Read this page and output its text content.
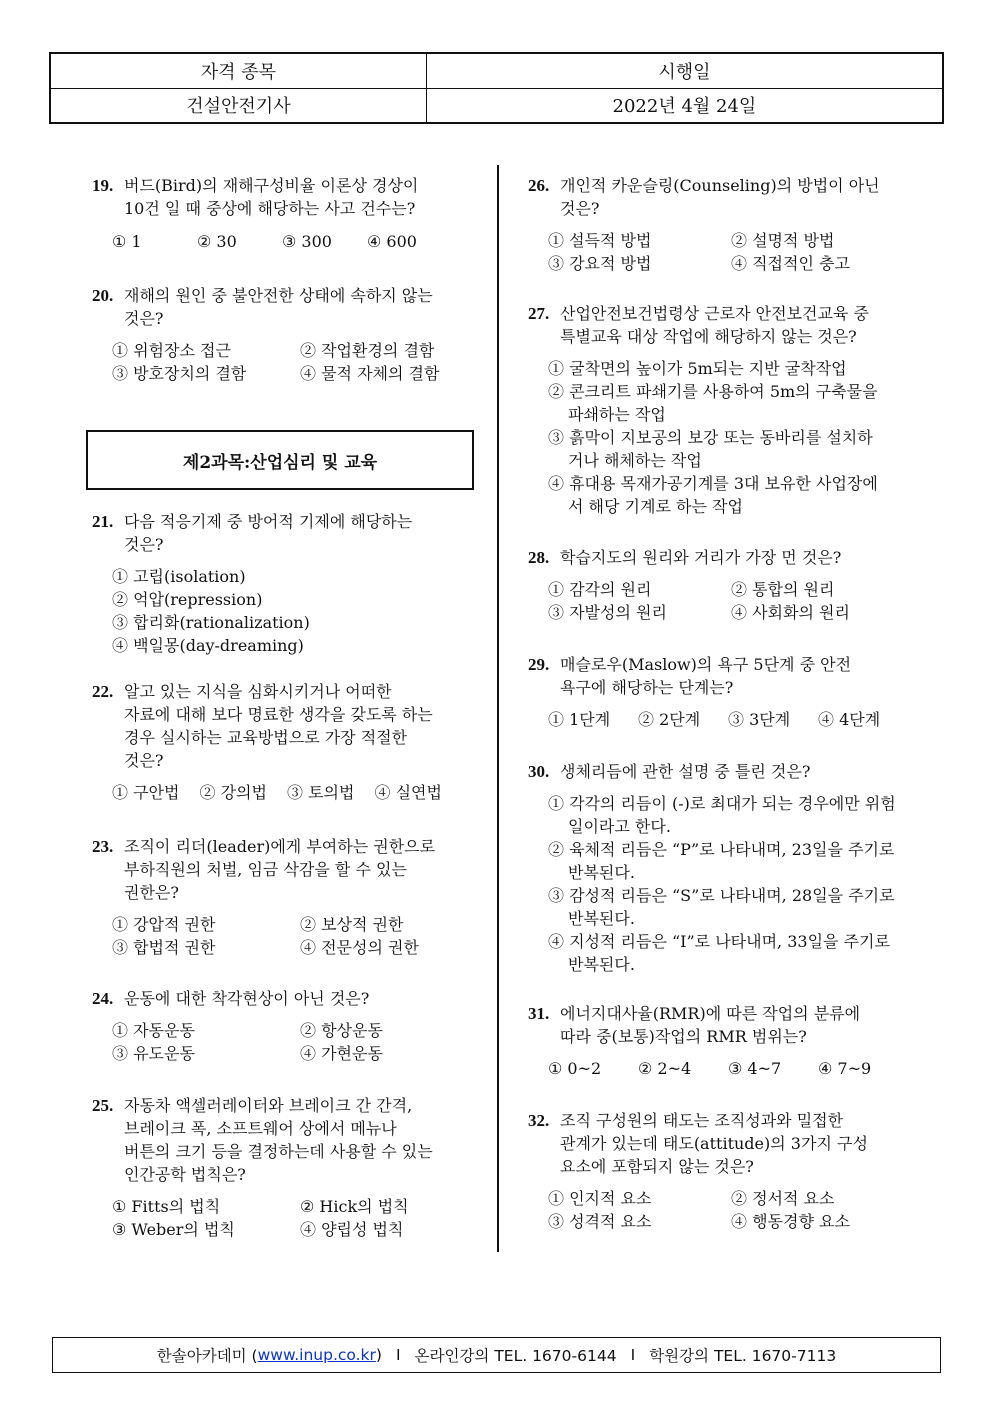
자격 종목	시행일
건설안전기사	2022년 4월 24일
19. 버드(Bird)의 재해구성비율 이론상 경상이
10건 일 때 중상에 해당하는 사고 건수는?
① 1	② 30	③ 300	④ 600
20. 재해의 원인 중 불안전한 상태에 속하지 않는
것은?
① 위험장소 접근	② 작업환경의 결함
③ 방호장치의 결함	④ 물적 자체의 결함
21. 다음 적응기제 중 방어적 기제에 해당하는
것은?
① 고립(isolation)
② 억압(repression)
③ 합리화(rationalization)
④ 백일몽(day-dreaming)
22. 알고 있는 지식을 심화시키거나 어떠한
자료에 대해 보다 명료한 생각을 갖도록 하는
경우 실시하는 교육방법으로 가장 적절한
것은?
① 구안법	② 강의법	③ 토의법	④ 실연법
23. 조직이 리더(leader)에게 부여하는 권한으로
부하직원의 처벌, 임금 삭감을 할 수 있는
권한은?
① 강압적 권한	② 보상적 권한
③ 합법적 권한	④ 전문성의 권한
24. 운동에 대한 착각현상이 아닌 것은?
① 자동운동	② 항상운동
③ 유도운동	④ 가현운동
25. 자동차 액셀러레이터와 브레이크 간 간격,
브레이크 폭, 소프트웨어 상에서 메뉴나
버튼의 크기 등을 결정하는데 사용할 수 있는
인간공학 법칙은?
① Fitts의 법칙	② Hick의 법칙
③ Weber의 법칙	④ 양립성 법칙
제2과목:산업심리 및 교육
26. 개인적 카운슬링(Counseling)의 방법이 아닌
것은?
① 설득적 방법	② 설명적 방법
③ 강요적 방법	④ 직접적인 충고
27. 산업안전보건법령상 근로자 안전보건교육 중
특별교육 대상 작업에 해당하지 않는 것은?
① 굴착면의 높이가 5m되는 지반 굴착작업
② 콘크리트 파쇄기를 사용하여 5m의 구축물을 파쇄하는 작업
③ 흙막이 지보공의 보강 또는 동바리를 설치하거나 해체하는 작업
④ 휴대용 목재가공기계를 3대 보유한 사업장에서 해당 기계로 하는 작업
28. 학습지도의 원리와 거리가 가장 먼 것은?
① 감각의 원리	② 통합의 원리
③ 자발성의 원리	④ 사회화의 원리
29. 매슬로우(Maslow)의 욕구 5단계 중 안전
욕구에 해당하는 단계는?
① 1단계	② 2단계	③ 3단계	④ 4단계
30. 생체리듬에 관한 설명 중 틀린 것은?
① 각각의 리듬이 (-)로 최대가 되는 경우에만 위험일이라고 한다.
② 육체적 리듬은 “P”로 나타내며, 23일을 주기로 반복된다.
③ 감성적 리듬은 “S”로 나타내며, 28일을 주기로 반복된다.
④ 지성적 리듬은 “I”로 나타내며, 33일을 주기로 반복된다.
31. 에너지대사율(RMR)에 따른 작업의 분류에
따라 중(보통)작업의 RMR 범위는?
① 0~2	② 2~4	③ 4~7	④ 7~9
32. 조직 구성원의 태도는 조직성과와 밀접한
관계가 있는데 태도(attitude)의 3가지 구성
요소에 포함되지 않는 것은?
① 인지적 요소	② 정서적 요소
③ 성격적 요소	④ 행동경향 요소
한솔아카데미 ( www.inup.co.kr ) I 온라인강의 TEL. 1670-6144 I 학원강의 TEL. 1670-7113
